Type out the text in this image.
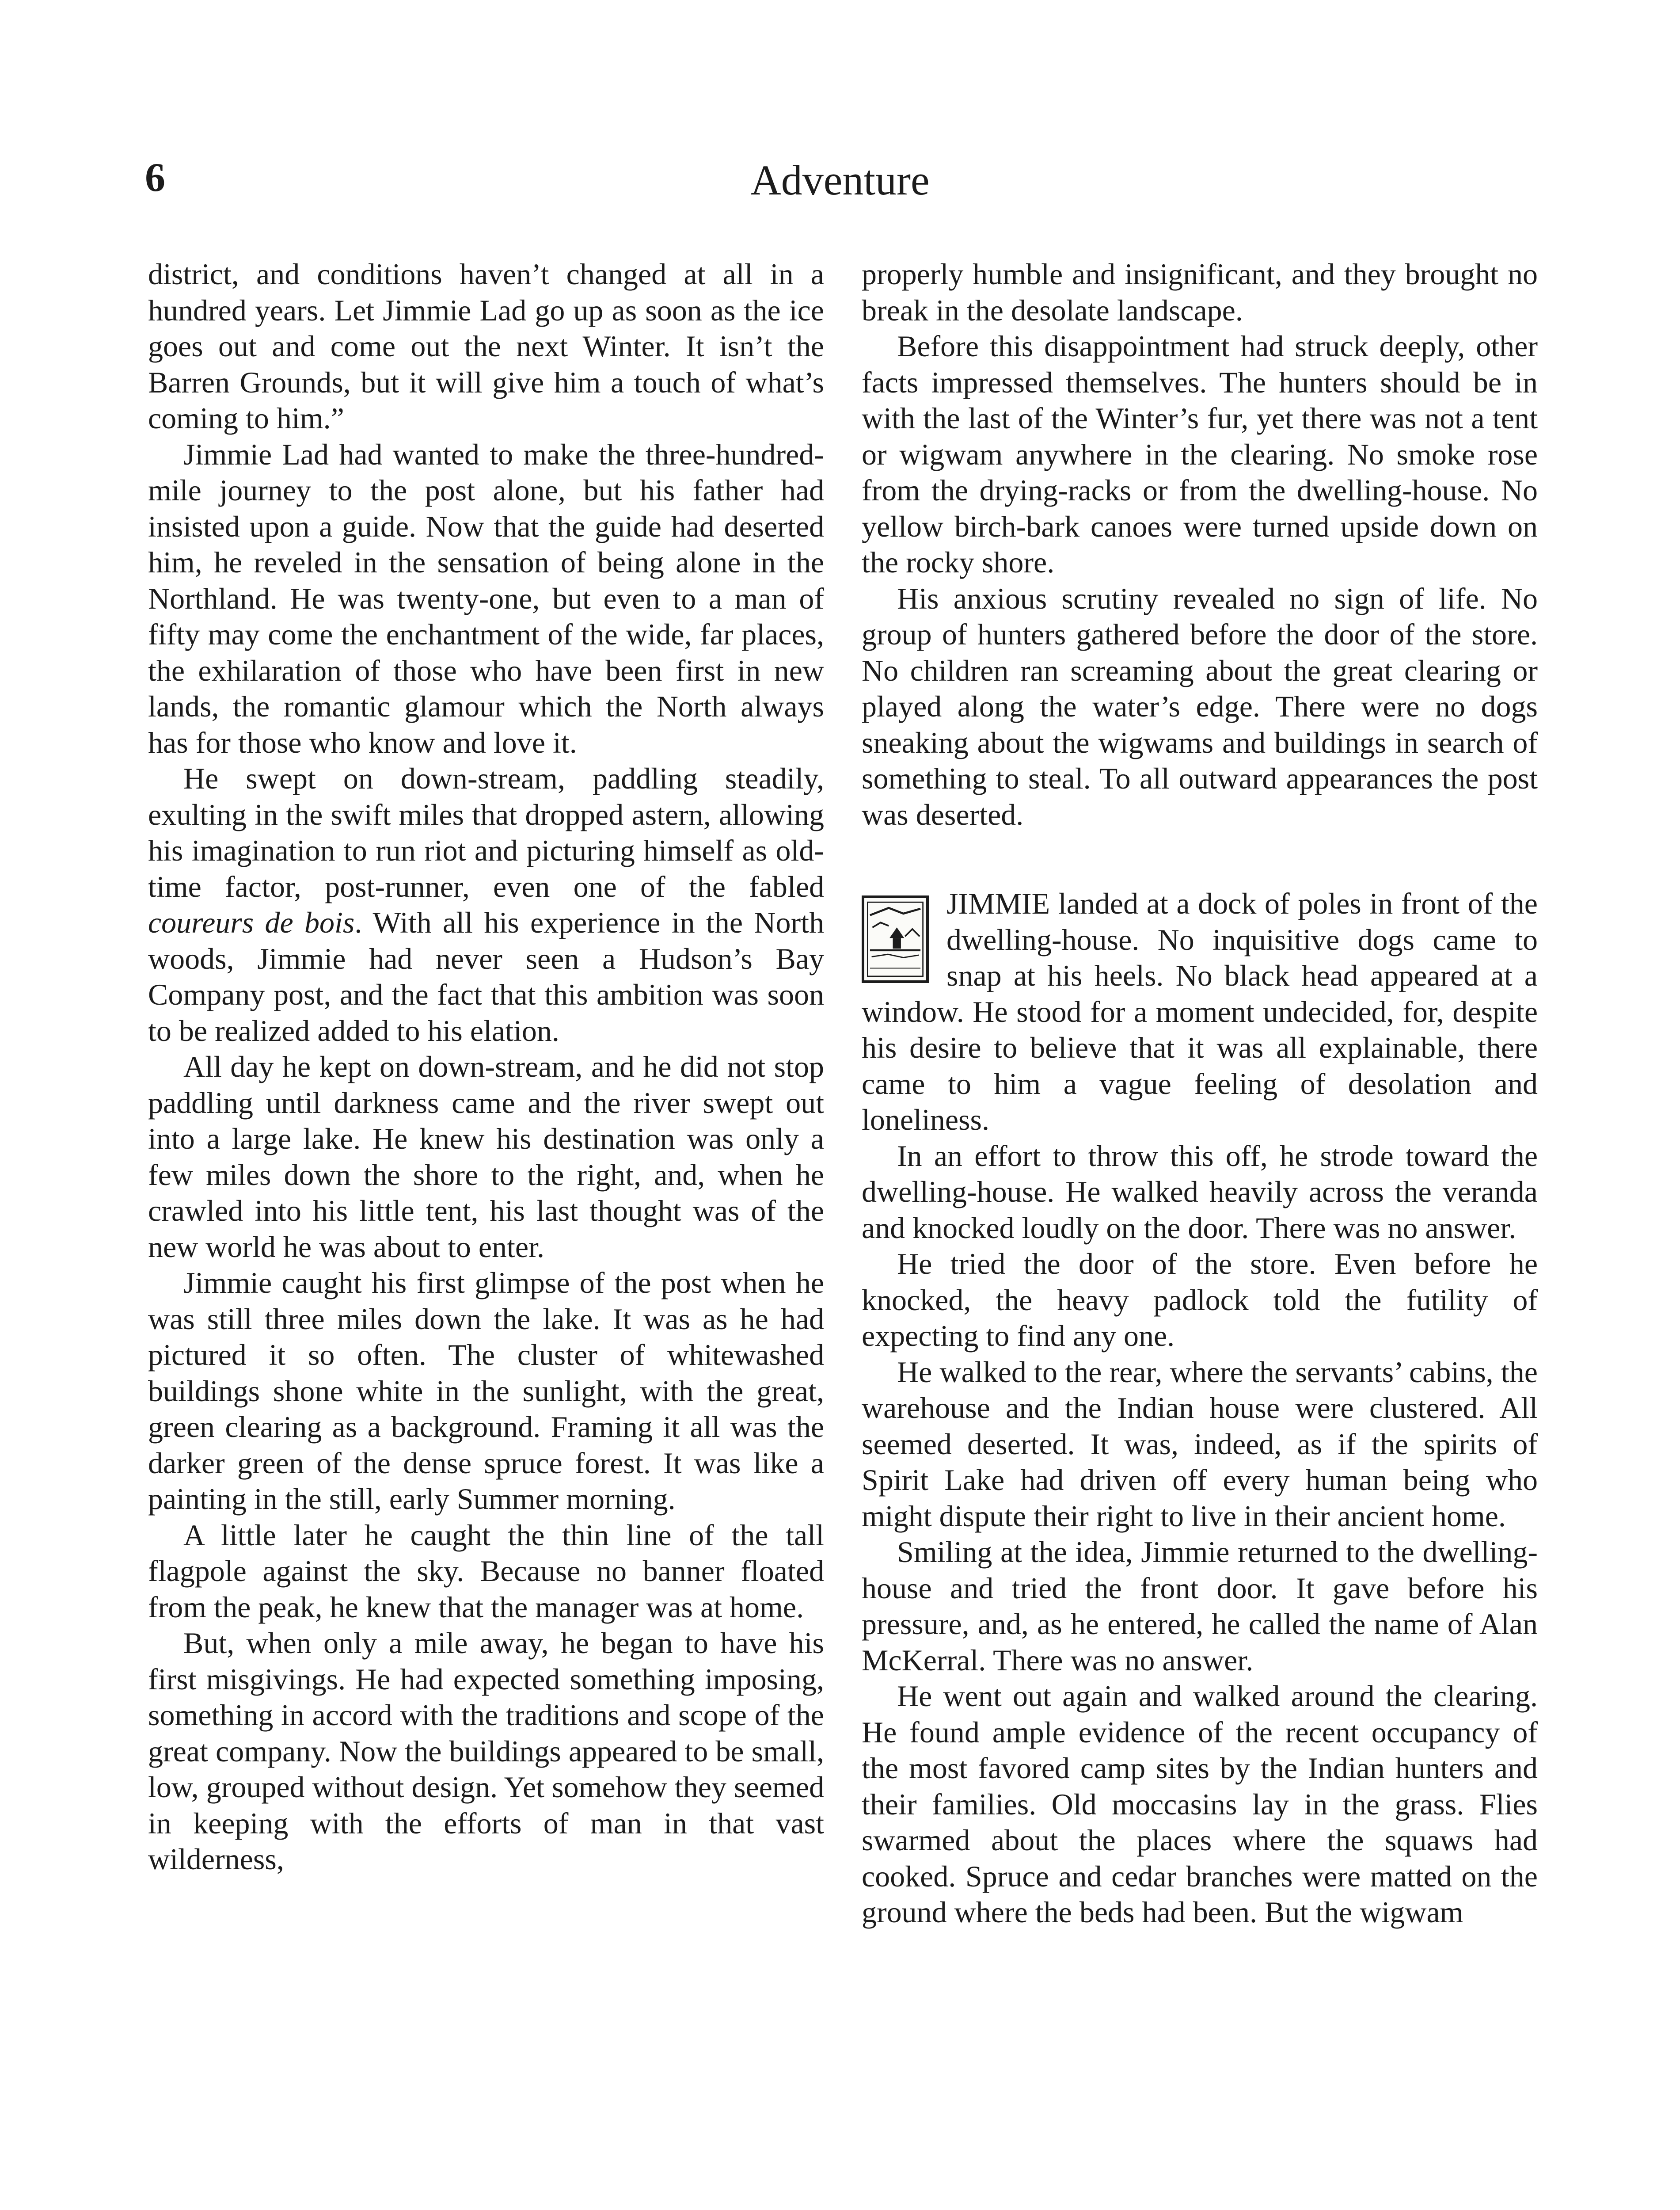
6	Adventure

district, and conditions haven’t changed at all in a hundred years. Let Jimmie Lad go up as soon as the ice goes out and come out the next Winter. It isn’t the Barren Grounds, but it will give him a touch of what’s coming to him.”

Jimmie Lad had wanted to make the three-hundred-mile journey to the post alone, but his father had insisted upon a guide. Now that the guide had deserted him, he reveled in the sensation of being alone in the Northland. He was twenty-one, but even to a man of fifty may come the enchantment of the wide, far places, the exhilaration of those who have been first in new lands, the romantic glamour which the North always has for those who know and love it.

He swept on down-stream, paddling steadily, exulting in the swift miles that dropped astern, allowing his imagination to run riot and picturing himself as old-time factor, post-runner, even one of the fabled coureurs de bois. With all his experience in the North woods, Jimmie had never seen a Hudson’s Bay Company post, and the fact that this ambition was soon to be realized added to his elation.

All day he kept on down-stream, and he did not stop paddling until darkness came and the river swept out into a large lake. He knew his destination was only a few miles down the shore to the right, and, when he crawled into his little tent, his last thought was of the new world he was about to enter.

Jimmie caught his first glimpse of the post when he was still three miles down the lake. It was as he had pictured it so often. The cluster of whitewashed buildings shone white in the sunlight, with the great, green clearing as a background. Framing it all was the darker green of the dense spruce forest. It was like a painting in the still, early Summer morning.

A little later he caught the thin line of the tall flagpole against the sky. Because no banner floated from the peak, he knew that the manager was at home.

But, when only a mile away, he began to have his first misgivings. He had expected something imposing, something in accord with the traditions and scope of the great company. Now the buildings appeared to be small, low, grouped without design. Yet somehow they seemed in keeping with the efforts of man in that vast wilderness,

properly humble and insignificant, and they brought no break in the desolate landscape.

Before this disappointment had struck deeply, other facts impressed themselves. The hunters should be in with the last of the Winter’s fur, yet there was not a tent or wigwam anywhere in the clearing. No smoke rose from the drying-racks or from the dwelling-house. No yellow birch-bark canoes were turned upside down on the rocky shore.

His anxious scrutiny revealed no sign of life. No group of hunters gathered before the door of the store. No children ran screaming about the great clearing or played along the water’s edge. There were no dogs sneaking about the wigwams and buildings in search of something to steal. To all outward appearances the post was deserted.

JIMMIE landed at a dock of poles in front of the dwelling-house. No inquisitive dogs came to snap at his heels. No black head appeared at a window. He stood for a moment undecided, for, despite his desire to believe that it was all explainable, there came to him a vague feeling of desolation and loneliness.

In an effort to throw this off, he strode toward the dwelling-house. He walked heavily across the veranda and knocked loudly on the door. There was no answer.

He tried the door of the store. Even before he knocked, the heavy padlock told the futility of expecting to find any one.

He walked to the rear, where the servants’ cabins, the warehouse and the Indian house were clustered. All seemed deserted. It was, indeed, as if the spirits of Spirit Lake had driven off every human being who might dispute their right to live in their ancient home.

Smiling at the idea, Jimmie returned to the dwelling-house and tried the front door. It gave before his pressure, and, as he entered, he called the name of Alan McKerral. There was no answer.

He went out again and walked around the clearing. He found ample evidence of the recent occupancy of the most favored camp sites by the Indian hunters and their families. Old moccasins lay in the grass. Flies swarmed about the places where the squaws had cooked. Spruce and cedar branches were matted on the ground where the beds had been. But the wigwam
